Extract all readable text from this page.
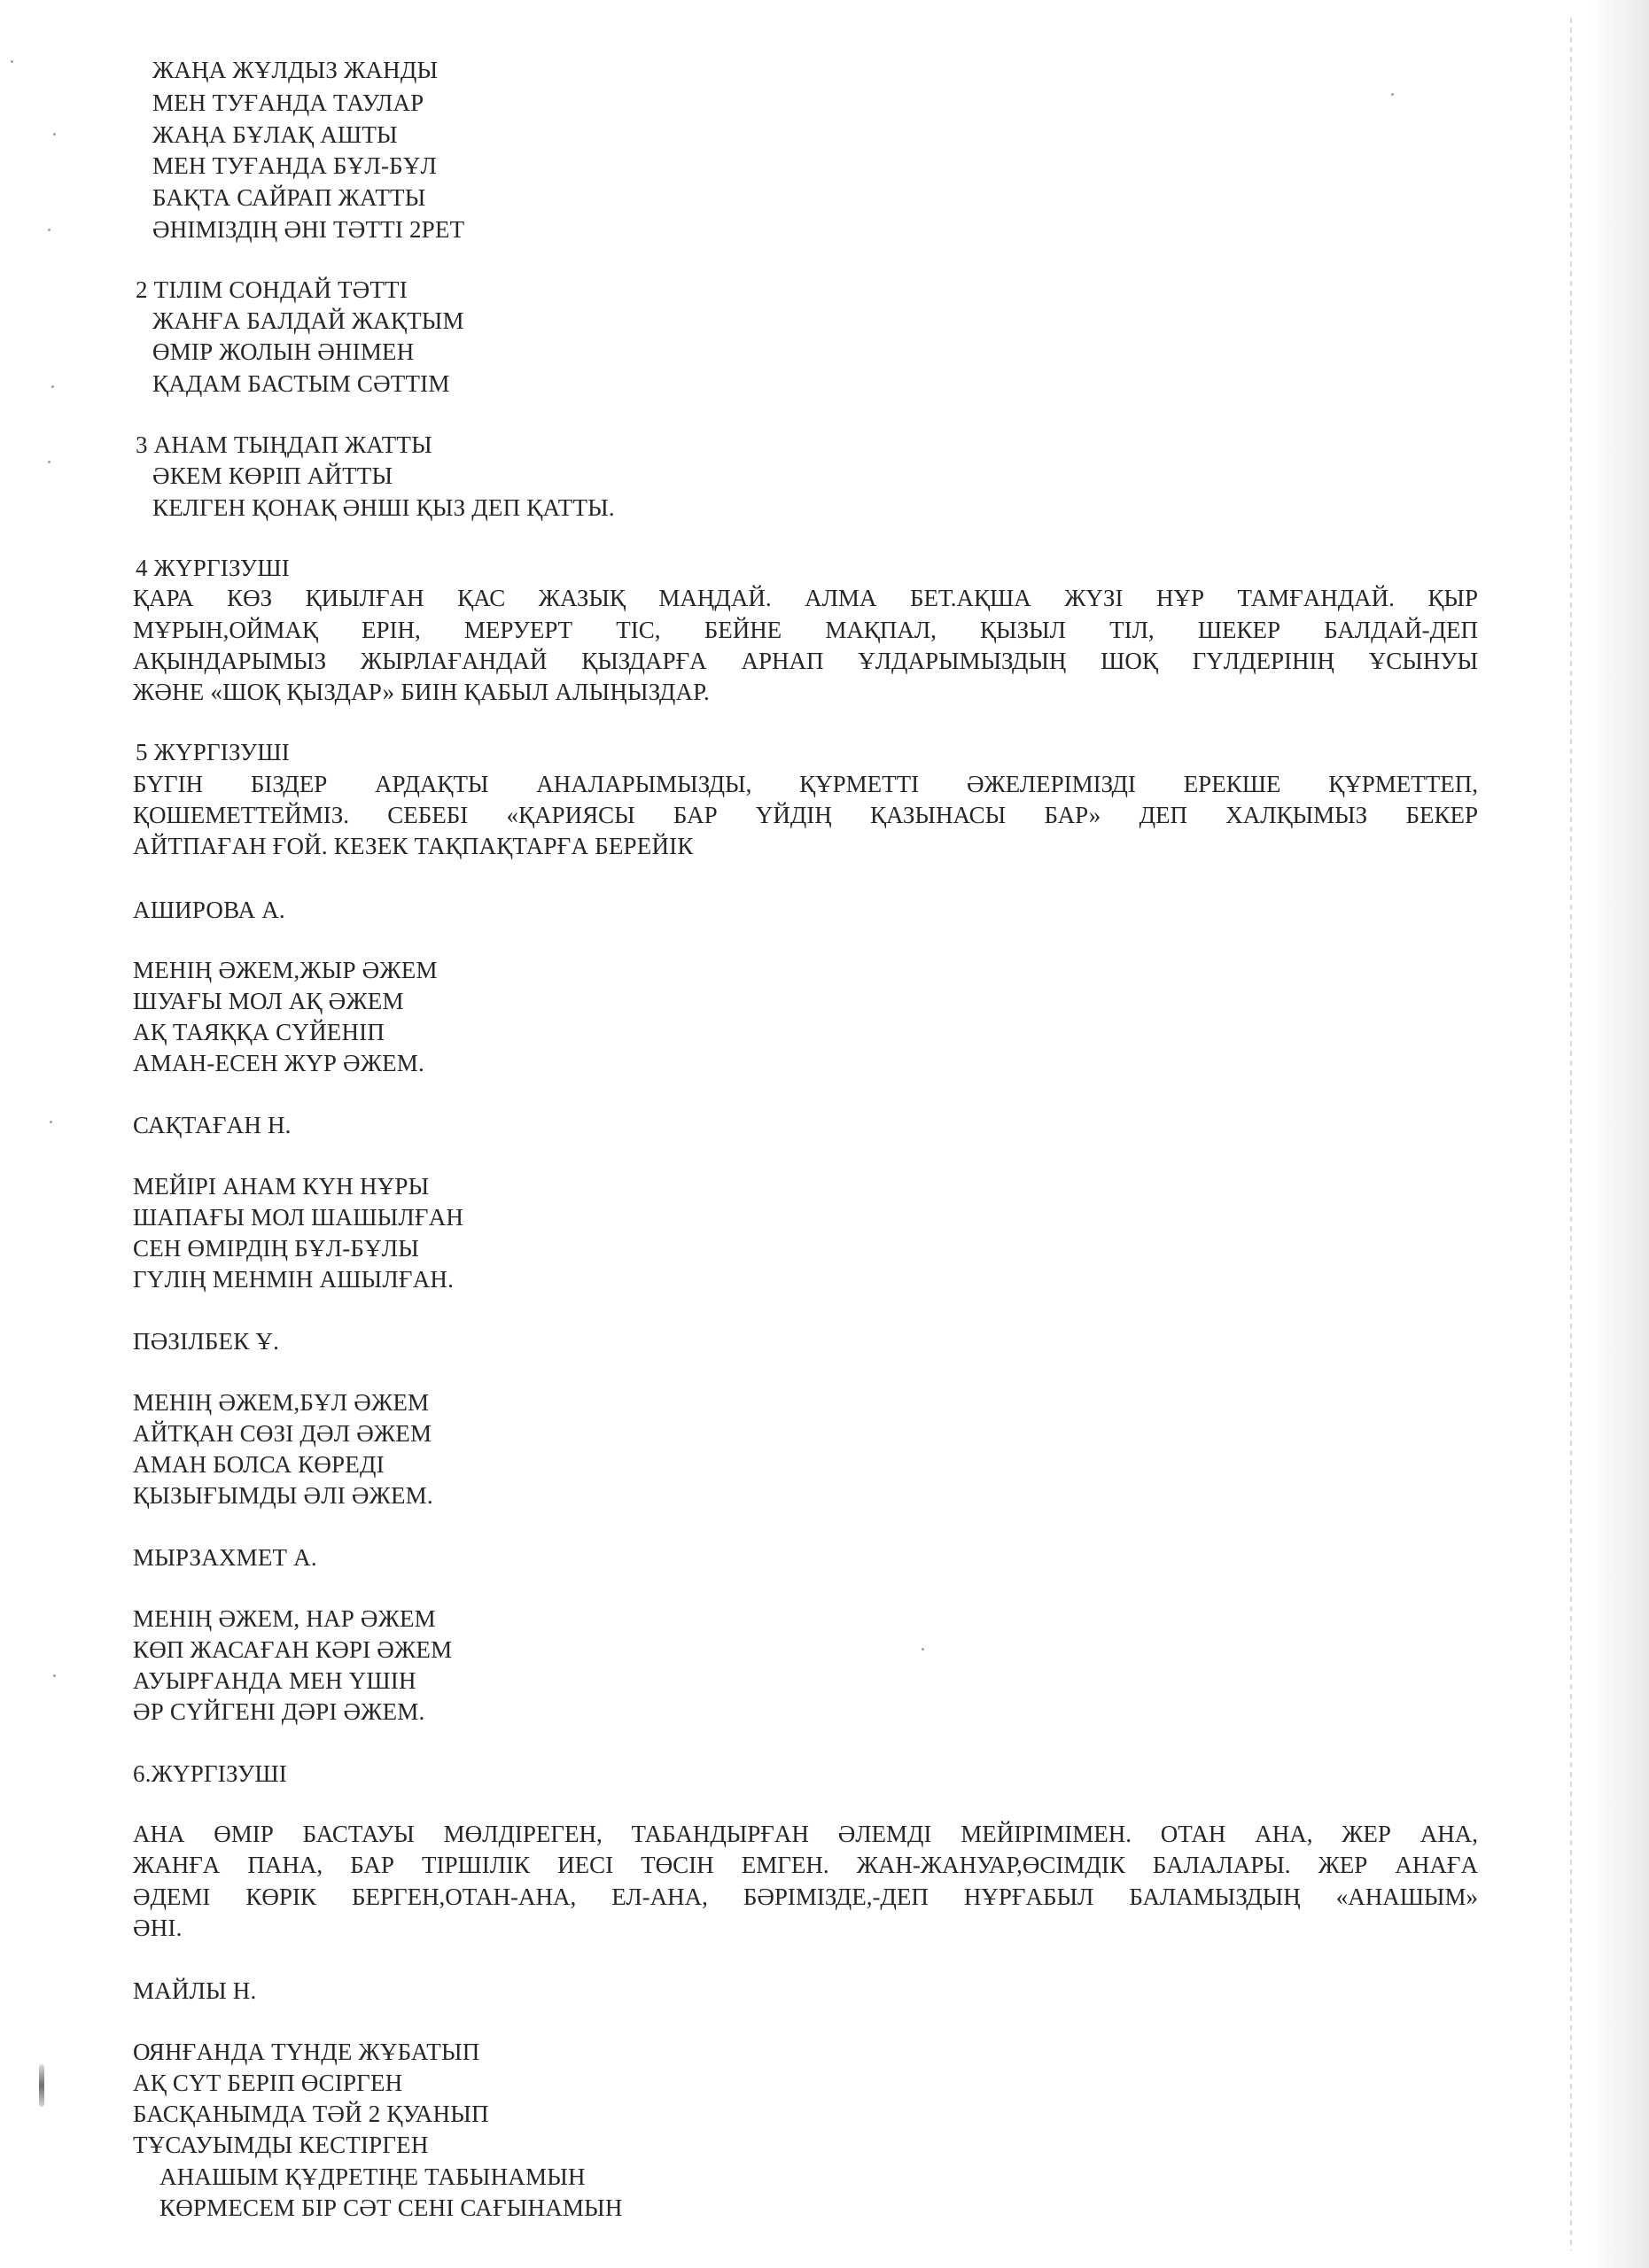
ЖАҢА ЖҰЛДЫЗ ЖАНДЫ
МЕН ТУҒАНДА ТАУЛАР
ЖАҢА БҰЛАҚ АШТЫ
МЕН ТУҒАНДА БҰЛ-БҰЛ
БАҚТА САЙРАП ЖАТТЫ
ӘНІМІЗДІҢ ӘНІ ТӘТТІ 2РЕТ
2 ТІЛІМ СОНДАЙ ТӘТТІ
ЖАНҒА БАЛДАЙ ЖАҚТЫМ
ӨМІР ЖОЛЫН ӘНІМЕН
ҚАДАМ БАСТЫМ СӘТТІМ
3 АНАМ ТЫҢДАП ЖАТТЫ
ӘКЕМ КӨРІП АЙТТЫ
КЕЛГЕН ҚОНАҚ ӘНШІ ҚЫЗ ДЕП ҚАТТЫ.
4 ЖҮРГІЗУШІ
ҚАРА КӨЗ ҚИЫЛҒАН ҚАС ЖАЗЫҚ МАҢДАЙ. АЛМА БЕТ.АҚША ЖҮЗІ НҰР ТАМҒАНДАЙ. ҚЫР
МҰРЫН,ОЙМАҚ ЕРІН, МЕРУЕРТ ТІС, БЕЙНЕ МАҚПАЛ, ҚЫЗЫЛ ТІЛ, ШЕКЕР БАЛДАЙ-ДЕП
АҚЫНДАРЫМЫЗ ЖЫРЛАҒАНДАЙ ҚЫЗДАРҒА АРНАП ҰЛДАРЫМЫЗДЫҢ ШОҚ ГҮЛДЕРІНІҢ ҰСЫНУЫ
ЖӘНЕ «ШОҚ ҚЫЗДАР» БИІН ҚАБЫЛ АЛЫҢЫЗДАР.
5 ЖҮРГІЗУШІ
БҮГІН БІЗДЕР АРДАҚТЫ АНАЛАРЫМЫЗДЫ, ҚҰРМЕТТІ ӘЖЕЛЕРІМІЗДІ ЕРЕКШЕ ҚҰРМЕТТЕП,
ҚОШЕМЕТТЕЙМІЗ. СЕБЕБІ «ҚАРИЯСЫ БАР ҮЙДІҢ ҚАЗЫНАСЫ БАР» ДЕП ХАЛҚЫМЫЗ БЕКЕР
АЙТПАҒАН ҒОЙ. КЕЗЕК ТАҚПАҚТАРҒА БЕРЕЙІК
АШИРОВА А.
МЕНІҢ ӘЖЕМ,ЖЫР ӘЖЕМ
ШУАҒЫ МОЛ АҚ ӘЖЕМ
АҚ ТАЯҚҚА СҮЙЕНІП
АМАН-ЕСЕН ЖҮР ӘЖЕМ.
САҚТАҒАН Н.
МЕЙІРІ АНАМ КҮН НҰРЫ
ШАПАҒЫ МОЛ ШАШЫЛҒАН
СЕН ӨМІРДІҢ БҰЛ-БҰЛЫ
ГҮЛІҢ МЕНМІН АШЫЛҒАН.
ПӘЗІЛБЕК Ұ.
МЕНІҢ ӘЖЕМ,БҰЛ ӘЖЕМ
АЙТҚАН СӨЗІ ДӘЛ ӘЖЕМ
АМАН БОЛСА КӨРЕДІ
ҚЫЗЫҒЫМДЫ ӘЛІ ӘЖЕМ.
МЫРЗАХМЕТ А.
МЕНІҢ ӘЖЕМ, НАР ӘЖЕМ
КӨП ЖАСАҒАН КӘРІ ӘЖЕМ
АУЫРҒАНДА МЕН ҮШІН
ӘР СҮЙГЕНІ ДӘРІ ӘЖЕМ.
6.ЖҮРГІЗУШІ
АНА ӨМІР БАСТАУЫ МӨЛДІРЕГЕН, ТАБАНДЫРҒАН ӘЛЕМДІ МЕЙІРІМІМЕН. ОТАН АНА, ЖЕР АНА,
ЖАНҒА ПАНА, БАР ТІРШІЛІК ИЕСІ ТӨСІН ЕМГЕН. ЖАН-ЖАНУАР,ӨСІМДІК БАЛАЛАРЫ. ЖЕР АНАҒА
ӘДЕМІ КӨРІК БЕРГЕН,ОТАН-АНА, ЕЛ-АНА, БӘРІМІЗДЕ,-ДЕП НҰРҒАБЫЛ БАЛАМЫЗДЫҢ «АНАШЫМ»
ӘНІ.
МАЙЛЫ Н.
ОЯНҒАНДА ТҮНДЕ ЖҰБАТЫП
АҚ СҮТ БЕРІП ӨСІРГЕН
БАСҚАНЫМДА ТӘЙ 2 ҚУАНЫП
ТҰСАУЫМДЫ КЕСТІРГЕН
АНАШЫМ ҚҰДРЕТІҢЕ ТАБЫНАМЫН
КӨРМЕСЕМ БІР СӘТ СЕНІ САҒЫНАМЫН
